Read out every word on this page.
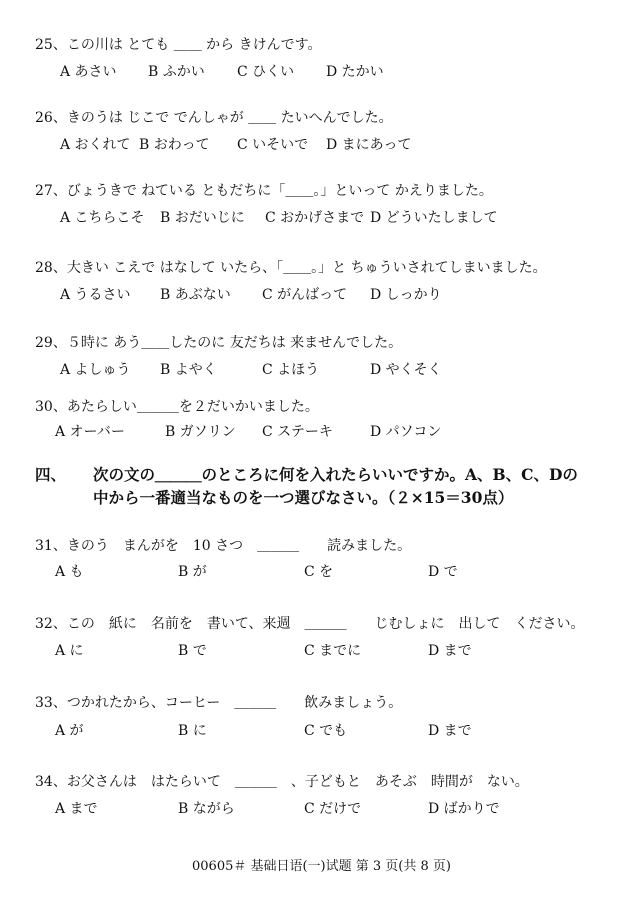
25、この川は とても ＿＿ から きけんです。
A あさい B ふかい C ひくい D たかい
26、きのうは じこで でんしゃが ＿＿ たいへんでした。
A おくれて B おわって C いそいで D まにあって
27、びょうきで ねている ともだちに「＿＿。」といって かえりました。
A こちらこそ B おだいじに C おかげさまで D どういたしまして
28、大きい こえで はなして いたら、「＿＿。」と ちゅういされてしまいました。
A うるさい B あぶない C がんばって D しっかり
29、５時に あう＿＿したのに 友だちは 来ませんでした。
A よしゅう B よやく	C よほう	D やくそく
30、あたらしい＿＿＿を２だいかいました。
A オーバー	B ガソリン C ステーキ	D パソコン
四、 次の文の＿＿＿のところに何を入れたらいいですか。A、B、C、Dの
中から一番適当なものを一つ選びなさい。（２×15＝30点）
31、きのう　まんがを　10 さつ　＿＿＿　　読みました。
A も	B が	C を	D で
32、この　紙に　名前を　書いて、来週　＿＿＿　　じむしょに　出して　ください。
A に	B で	C までに	D まで
33、つかれたから、コーヒー　＿＿＿　　飲みましょう。
A が	B に	C でも	D まで
34、お父さんは　はたらいて　＿＿＿　、子どもと　あそぶ　時間が　ない。
A まで	B ながら	C だけで	D ばかりで
00605＃ 基础日语(一)试题 第 3 页(共 8 页)
